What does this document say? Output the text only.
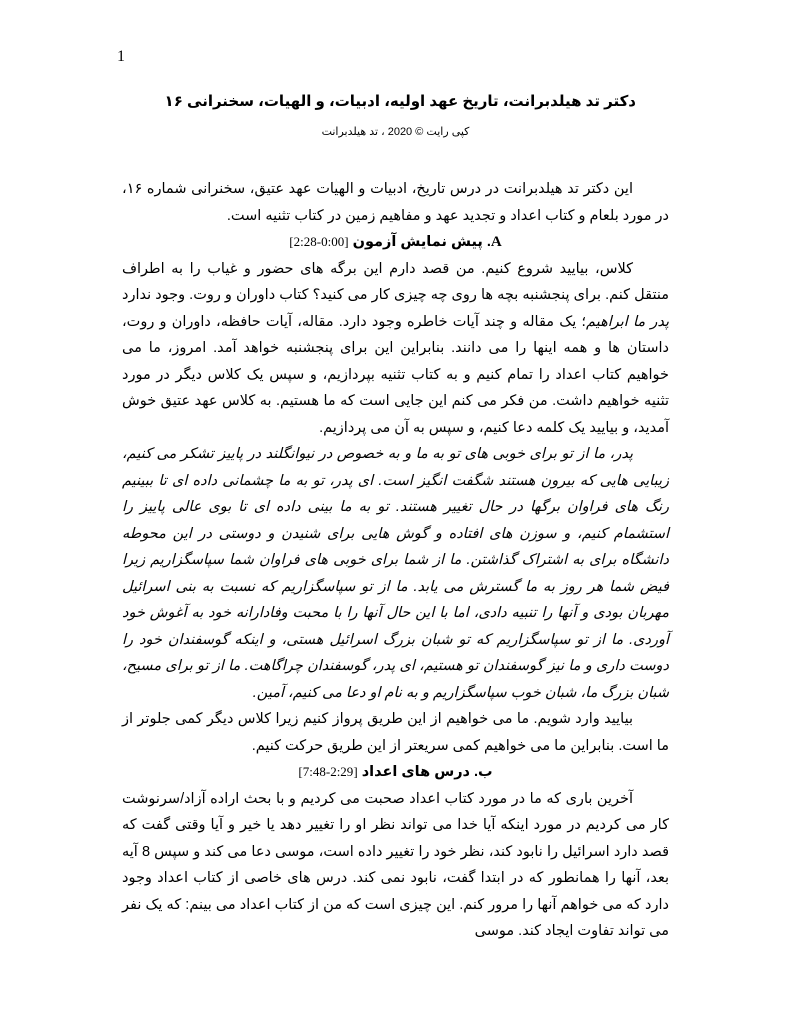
1
دکتر تد هیلدبرانت، تاریخ عهد اولیه، ادبیات، و الهیات، سخنرانی ۱۶
کپی رایت © 2020 ، تد هیلدبرانت

این دکتر تد هیلدبرانت در درس تاریخ، ادبیات و الهیات عهد عتیق، سخنرانی شماره ۱۶، در مورد بلعام و کتاب اعداد و تجدید عهد و مفاهیم زمین در کتاب تثنیه است.

A. پیش نمایش آزمون [0:00-2:28]

کلاس، بیایید شروع کنیم. من قصد دارم این برگه های حضور و غیاب را به اطراف منتقل کنم. برای پنجشنبه بچه ها روی چه چیزی کار می کنید؟ کتاب داوران و روت. وجود ندارد پدر ما ابراهیم؛ یک مقاله و چند آیات خاطره وجود دارد. مقاله، آیات حافظه، داوران و روت، داستان ها و همه اینها را می دانند. بنابراین این برای پنجشنبه خواهد آمد. امروز، ما می خواهیم کتاب اعداد را تمام کنیم و به کتاب تثنیه بپردازیم، و سپس یک کلاس دیگر در مورد تثنیه خواهیم داشت. من فکر می کنم این جایی است که ما هستیم. به کلاس عهد عتیق خوش آمدید، و بیایید یک کلمه دعا کنیم، و سپس به آن می پردازیم.

پدر، ما از تو برای خوبی های تو به ما و به خصوص در نیوانگلند در پاییز تشکر می کنیم، زیبایی هایی که بیرون هستند شگفت انگیز است. ای پدر، تو به ما چشمانی داده ای تا ببینیم رنگ های فراوان برگها در حال تغییر هستند. تو به ما بینی داده ای تا بوی عالی پاییز را استشمام کنیم، و سوزن های افتاده و گوش هایی برای شنیدن و دوستی در این محوطه دانشگاه برای به اشتراک گذاشتن. ما از شما برای خوبی های فراوان شما سپاسگزاریم زیرا فیض شما هر روز به ما گسترش می یابد. ما از تو سپاسگزاریم که نسبت به بنی اسرائیل مهربان بودی و آنها را تنبیه دادی، اما با این حال آنها را با محبت وفادارانه خود به آغوش خود آوردی. ما از تو سپاسگزاریم که تو شبان بزرگ اسرائیل هستی، و اینکه گوسفندان خود را دوست داری و ما نیز گوسفندان تو هستیم، ای پدر، گوسفندان چراگاهت. ما از تو برای مسیح، شبان بزرگ ما، شبان خوب سپاسگزاریم و به نام او دعا می کنیم، آمین.

بیایید وارد شویم. ما می خواهیم از این طریق پرواز کنیم زیرا کلاس دیگر کمی جلوتر از ما است. بنابراین ما می خواهیم کمی سریعتر از این طریق حرکت کنیم.

ب. درس های اعداد [2:29-7:48]

آخرین باری که ما در مورد کتاب اعداد صحبت می کردیم و با بحث اراده آزاد/سرنوشت کار می کردیم در مورد اینکه آیا خدا می تواند نظر او را تغییر دهد یا خیر و آیا وقتی گفت که قصد دارد اسرائیل را نابود کند، نظر خود را تغییر داده است، موسی دعا می کند و سپس 8 آیه بعد، آنها را همانطور که در ابتدا گفت، نابود نمی کند. درس های خاصی از کتاب اعداد وجود دارد که می خواهم آنها را مرور کنم. این چیزی است که من از کتاب اعداد می بینم: که یک نفر می تواند تفاوت ایجاد کند. موسی
